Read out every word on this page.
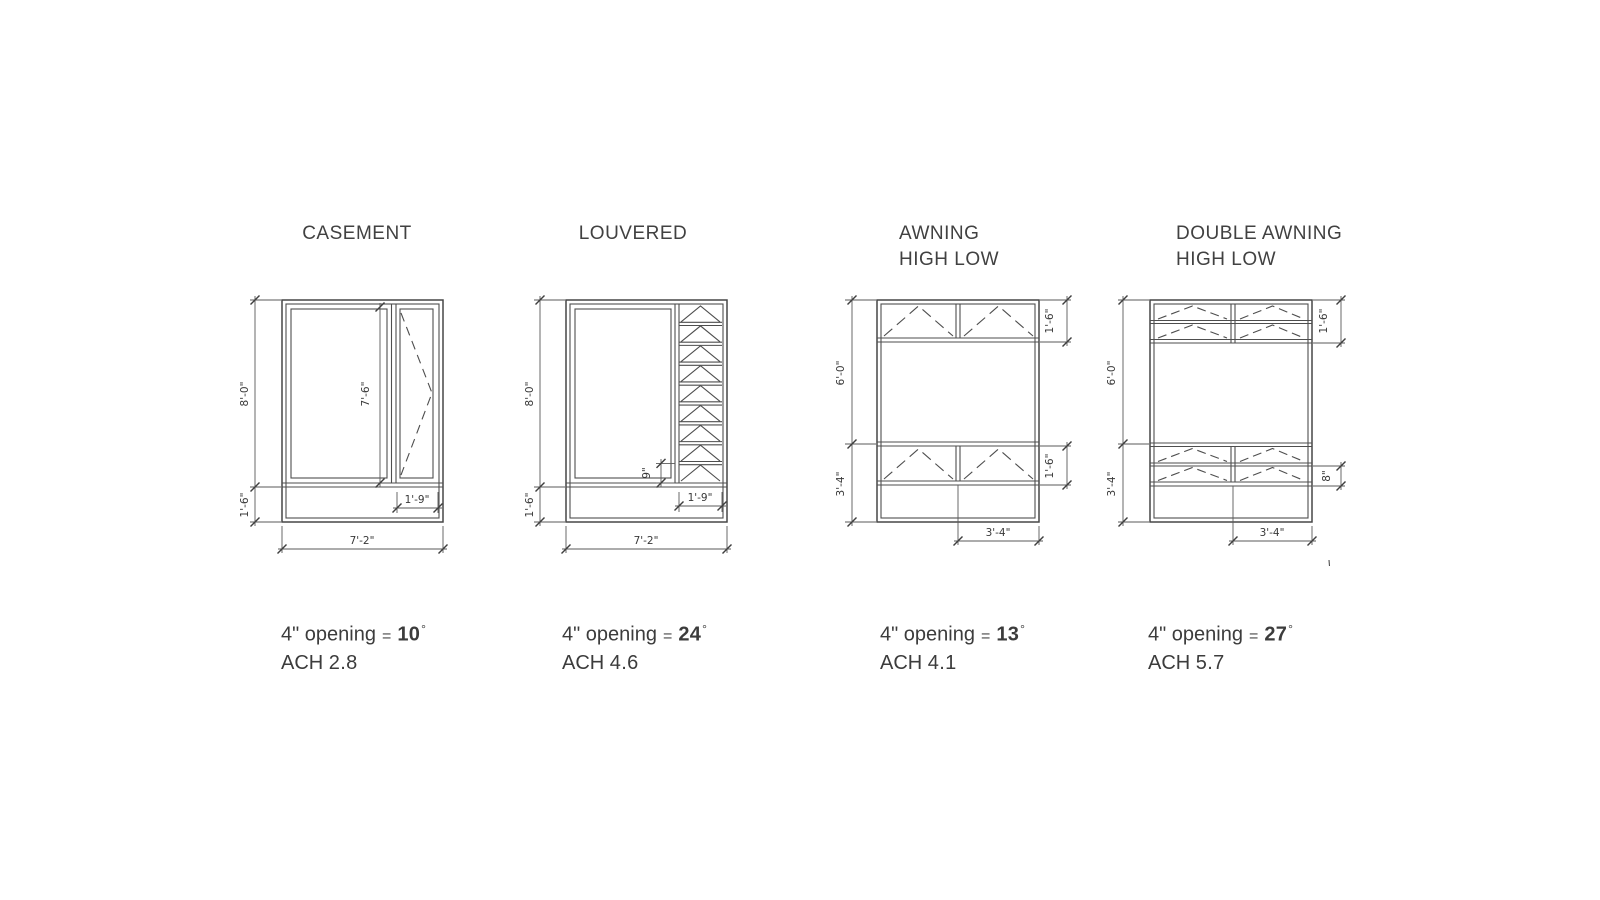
8'-0"
1'-6"
7'-6"
1'-9"
7'-2"
8'-0"
1'-6"
9"
1'-9"
7'-2"
6'-0"
3'-4"
1'-6"
1'-6"
3'-4"
6'-0"
3'-4"
1'-6"
8"
3'-4"
CASEMENT	LOUVERED	AWNING
HIGH LOW
DOUBLE AWNING
HIGH LOW
4" opening = 10°
ACH 2.8
4" opening = 24°
ACH 4.6
4" opening = 13°
ACH 4.1
4" opening = 27°
ACH 5.7
